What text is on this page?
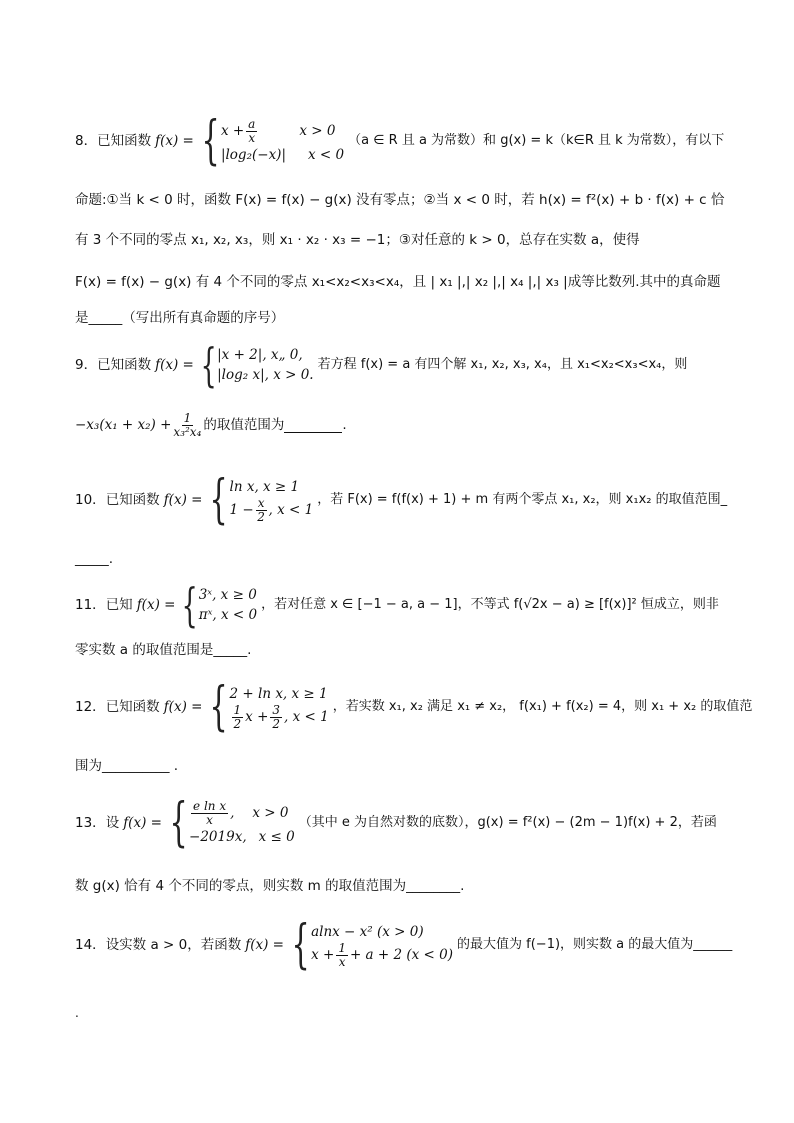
8． 已知函数 f(x) = { $x + \frac{a}{x}$	x > 0
|log₂(−x)| x < 0
（a ∈ R 且 a 为常数）和 g(x) = k（k∈R 且 k 为常数），有以下
命题:①当 k < 0 时，函数 F(x) = f(x) − g(x) 没有零点；②当 x < 0 时，若 h(x) = f²(x) + b · f(x) + c 恰
有 3 个不同的零点 x₁, x₂, x₃，则 x₁ · x₂ · x₃ = −1；③对任意的 k > 0，总存在实数 a，使得
F(x) = f(x) − g(x) 有 4 个不同的零点 x₁<x₂<x₃<x₄，且 | x₁ |,| x₂ |,| x₄ |,| x₃ |成等比数列.其中的真命题
是_____（写出所有真命题的序号）
9． 已知函数 f(x) = { |x + 2|, x„ 0,
|log₂ x|, x > 0.
若方程 f(x) = a 有四个解 x₁, x₂, x₃, x₄，且 x₁<x₂<x₃<x₄，则
$-x_3(x_1 + x_2) + \frac{1}{\text{x₃²x₄}}$ 的取值范围为	.
10． 已知函数 f(x) = { ln x, x ≥ 1
$1 - \frac{x}{2}$ , x < 1
，若 F(x) = f(f(x) + 1) + m 有两个零点 x₁, x₂，则 x₁x₂ 的取值范围_
_____.
11． 已知 f(x) = { 3ˣ, x ≥ 0
πˣ, x < 0
，若对任意 x ∈ [−1 − a, a − 1]，不等式 f(√2x − a) ≥ [f(x)]² 恒成立，则非
零实数 a 的取值范围是_____.
12． 已知函数 f(x) = { 2 + ln x, x ≥ 1
$\frac{1}{2}$ $x + \frac{3}{2}$ , x < 1
，若实数 x₁, x₂ 满足 x₁ ≠ x₂， f(x₁) + f(x₂) = 4，则 x₁ + x₂ 的取值范
围为__________ .
13． 设 f(x) = { $\frac{\text{e ln x}}{x}$ , x > 0
−2019x, x ≤ 0
（其中 e 为自然对数的底数），g(x) = f²(x) − (2m − 1)f(x) + 2，若函
数 g(x) 恰有 4 个不同的零点，则实数 m 的取值范围为________.
14． 设实数 a > 0，若函数 f(x) = { alnx − x² (x > 0)
$x + \frac{1}{x} + a + 2$ (x < 0)
的最大值为 f(−1)，则实数 a 的最大值为______
.
